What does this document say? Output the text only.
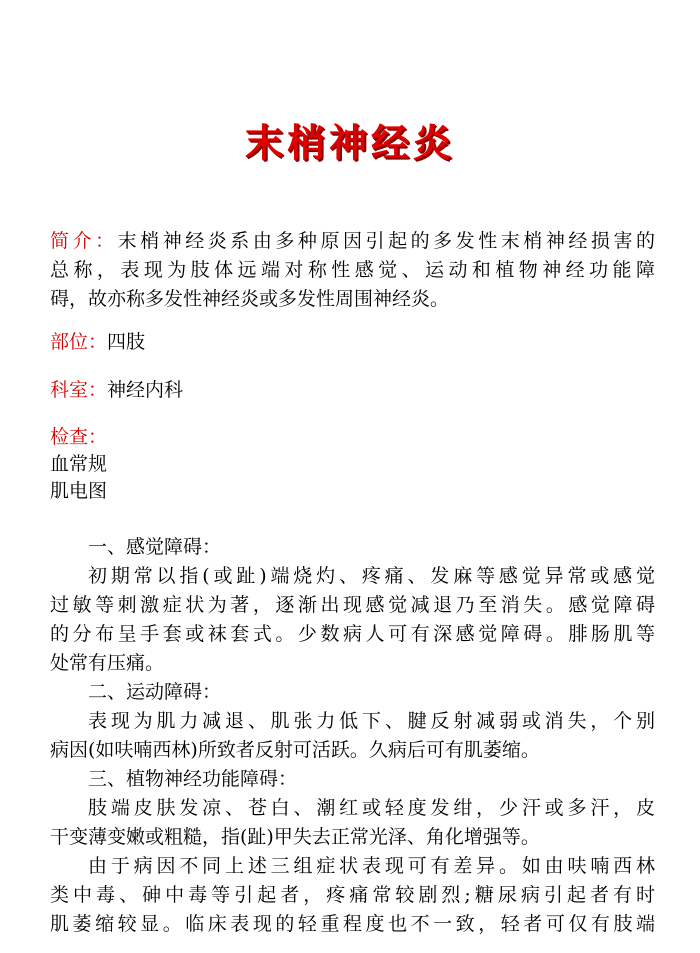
末梢神经炎
简介：末梢神经炎系由多种原因引起的多发性末梢神经损害的
总称，表现为肢体远端对称性感觉、运动和植物神经功能障
碍，故亦称多发性神经炎或多发性周围神经炎。
部位：四肢
科室：神经内科
检查：
血常规
肌电图

一、感觉障碍：

初期常以指(或趾)端烧灼、疼痛、发麻等感觉异常或感觉

过敏等刺激症状为著，逐渐出现感觉减退乃至消失。感觉障碍

的分布呈手套或袜套式。少数病人可有深感觉障碍。腓肠肌等

处常有压痛。

二、运动障碍：

表现为肌力减退、肌张力低下、腱反射减弱或消失，个别

病因(如呋喃西林)所致者反射可活跃。久病后可有肌萎缩。

三、植物神经功能障碍：

肢端皮肤发凉、苍白、潮红或轻度发绀，少汗或多汗，皮

干变薄变嫩或粗糙，指(趾)甲失去正常光泽、角化增强等。

由于病因不同上述三组症状表现可有差异。如由呋喃西林

类中毒、砷中毒等引起者，疼痛常较剧烈;糖尿病引起者有时

肌萎缩较显。临床表现的轻重程度也不一致，轻者可仅有肢端
